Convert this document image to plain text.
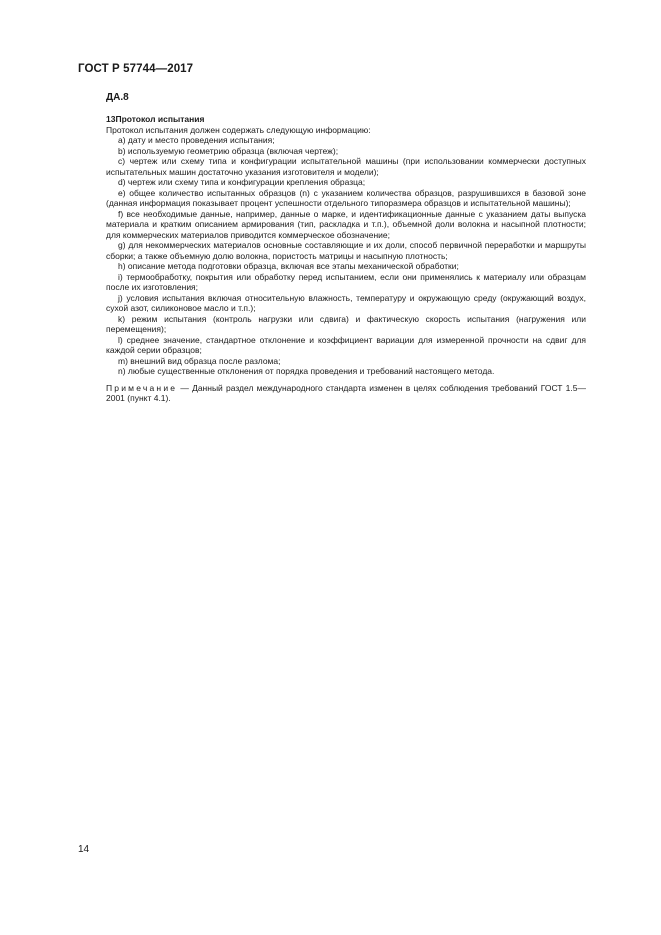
ГОСТ Р 57744—2017
ДА.8

13Протокол испытания

Протокол испытания должен содержать следующую информацию:

a) дату и место проведения испытания;

b) используемую геометрию образца (включая чертеж);

c) чертеж или схему типа и конфигурации испытательной машины (при использовании коммерчески доступных испытательных машин достаточно указания изготовителя и модели);

d) чертеж или схему типа и конфигурации крепления образца;

e) общее количество испытанных образцов (n) с указанием количества образцов, разрушившихся в базовой зоне (данная информация показывает процент успешности отдельного типоразмера образцов и испытательной машины);

f) все необходимые данные, например, данные о марке, и идентификационные данные с указанием даты выпуска материала и кратким описанием армирования (тип, раскладка и т.п.), объемной доли волокна и насыпной плотности; для коммерческих материалов приводится коммерческое обозначение;

g) для некоммерческих материалов основные составляющие и их доли, способ первичной переработки и маршруты сборки; а также объемную долю волокна, пористость матрицы и насыпную плотность;

h) описание метода подготовки образца, включая все этапы механической обработки;

i) термообработку, покрытия или обработку перед испытанием, если они применялись к материалу или образцам после их изготовления;

j) условия испытания включая относительную влажность, температуру и окружающую среду (окружающий воздух, сухой азот, силиконовое масло и т.п.);

k) режим испытания (контроль нагрузки или сдвига) и фактическую скорость испытания (нагружения или перемещения);

l) среднее значение, стандартное отклонение и коэффициент вариации для измеренной прочности на сдвиг для каждой серии образцов;

m) внешний вид образца после разлома;

n) любые существенные отклонения от порядка проведения и требований настоящего метода.

Примечание — Данный раздел международного стандарта изменен в целях соблюдения требований ГОСТ 1.5—2001 (пункт 4.1).

14
